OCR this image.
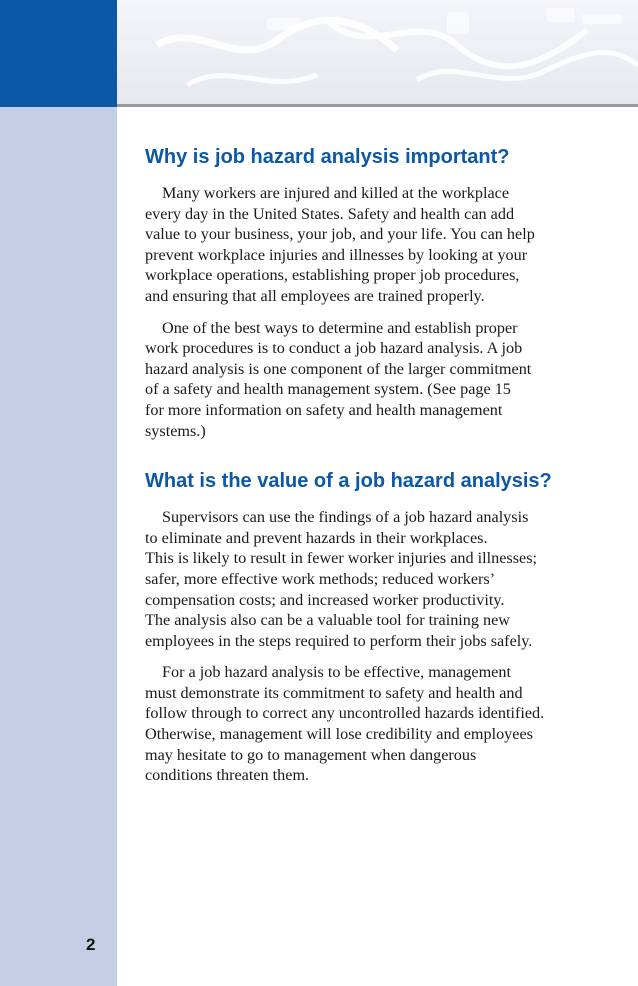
Why is job hazard analysis important?

Many workers are injured and killed at the workplace
every day in the United States. Safety and health can add
value to your business, your job, and your life. You can help
prevent workplace injuries and illnesses by looking at your
workplace operations, establishing proper job procedures,
and ensuring that all employees are trained properly.

One of the best ways to determine and establish proper
work procedures is to conduct a job hazard analysis. A job
hazard analysis is one component of the larger commitment
of a safety and health management system. (See page 15
for more information on safety and health management
systems.)

What is the value of a job hazard analysis?

Supervisors can use the findings of a job hazard analysis
to eliminate and prevent hazards in their workplaces.
This is likely to result in fewer worker injuries and illnesses;
safer, more effective work methods; reduced workers’
compensation costs; and increased worker productivity.
The analysis also can be a valuable tool for training new
employees in the steps required to perform their jobs safely.

For a job hazard analysis to be effective, management
must demonstrate its commitment to safety and health and
follow through to correct any uncontrolled hazards identified.
Otherwise, management will lose credibility and employees
may hesitate to go to management when dangerous
conditions threaten them.

2
